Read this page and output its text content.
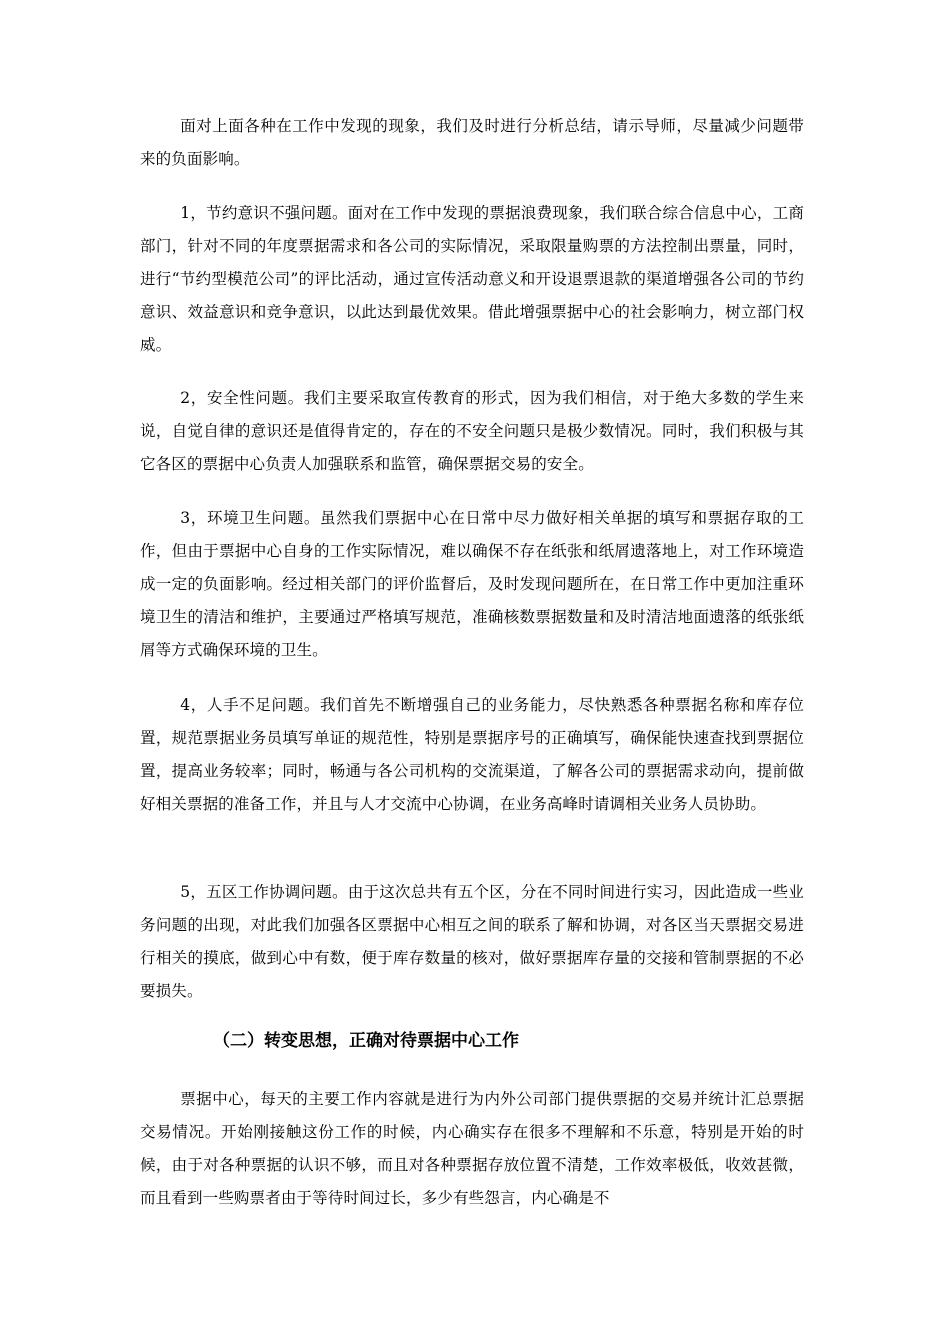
面对上面各种在工作中发现的现象，我们及时进行分析总结，请示导师，尽量减少问题带来的负面影响。

1，节约意识不强问题。面对在工作中发现的票据浪费现象，我们联合综合信息中心，工商部门，针对不同的年度票据需求和各公司的实际情况，采取限量购票的方法控制出票量，同时，进行“节约型模范公司”的评比活动，通过宣传活动意义和开设退票退款的渠道增强各公司的节约意识、效益意识和竞争意识，以此达到最优效果。借此增强票据中心的社会影响力，树立部门权威。

2，安全性问题。我们主要采取宣传教育的形式，因为我们相信，对于绝大多数的学生来说，自觉自律的意识还是值得肯定的，存在的不安全问题只是极少数情况。同时，我们积极与其它各区的票据中心负责人加强联系和监管，确保票据交易的安全。

3，环境卫生问题。虽然我们票据中心在日常中尽力做好相关单据的填写和票据存取的工作，但由于票据中心自身的工作实际情况，难以确保不存在纸张和纸屑遗落地上，对工作环境造成一定的负面影响。经过相关部门的评价监督后，及时发现问题所在，在日常工作中更加注重环境卫生的清洁和维护，主要通过严格填写规范，准确核数票据数量和及时清洁地面遗落的纸张纸屑等方式确保环境的卫生。

4，人手不足问题。我们首先不断增强自己的业务能力，尽快熟悉各种票据名称和库存位置，规范票据业务员填写单证的规范性，特别是票据序号的正确填写，确保能快速查找到票据位置，提高业务较率；同时，畅通与各公司机构的交流渠道，了解各公司的票据需求动向，提前做好相关票据的准备工作，并且与人才交流中心协调，在业务高峰时请调相关业务人员协助。

5，五区工作协调问题。由于这次总共有五个区，分在不同时间进行实习，因此造成一些业务问题的出现，对此我们加强各区票据中心相互之间的联系了解和协调，对各区当天票据交易进行相关的摸底，做到心中有数，便于库存数量的核对，做好票据库存量的交接和管制票据的不必要损失。

（二）转变思想，正确对待票据中心工作

票据中心，每天的主要工作内容就是进行为内外公司部门提供票据的交易并统计汇总票据交易情况。开始刚接触这份工作的时候，内心确实存在很多不理解和不乐意，特别是开始的时候，由于对各种票据的认识不够，而且对各种票据存放位置不清楚，工作效率极低，收效甚微，而且看到一些购票者由于等待时间过长，多少有些怨言，内心确是不
